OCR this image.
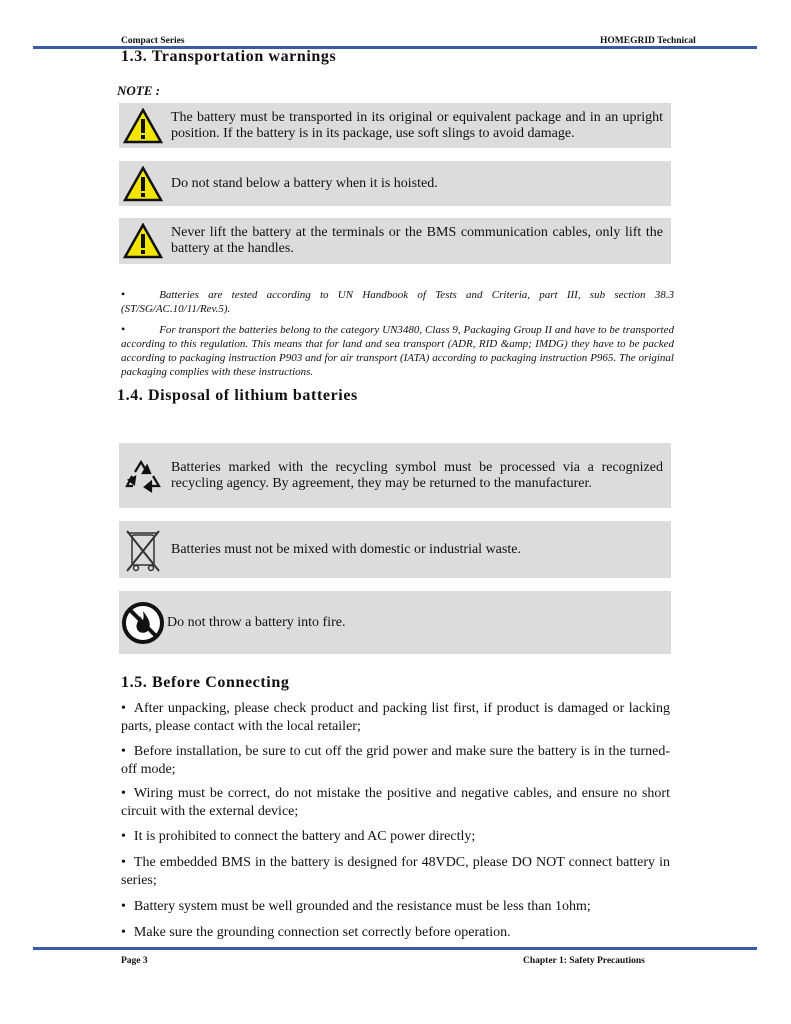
Compact Series	HOMEGRID Technical
1.3. Transportation warnings
NOTE :
The battery must be transported in its original or equivalent package and in an upright position. If the battery is in its package, use soft slings to avoid damage.
Do not stand below a battery when it is hoisted.
Never lift the battery at the terminals or the BMS communication cables, only lift the battery at the handles.
•	Batteries are tested according to UN Handbook of Tests and Criteria, part III, sub section 38.3 (ST/SG/AC.10/11/Rev.5).
•	For transport the batteries belong to the category UN3480, Class 9, Packaging Group II and have to be transported according to this regulation. This means that for land and sea transport (ADR, RID &amp; IMDG) they have to be packed according to packaging instruction P903 and for air transport (IATA) according to packaging instruction P965. The original packaging complies with these instructions.
1.4. Disposal of lithium batteries
Batteries marked with the recycling symbol must be processed via a recognized recycling agency. By agreement, they may be returned to the manufacturer.
Batteries must not be mixed with domestic or industrial waste.
Do not throw a battery into fire.
1.5. Before Connecting
• After unpacking, please check product and packing list first, if product is damaged or lacking parts, please contact with the local retailer;
• Before installation, be sure to cut off the grid power and make sure the battery is in the turned-off mode;
• Wiring must be correct, do not mistake the positive and negative cables, and ensure no short circuit with the external device;
• It is prohibited to connect the battery and AC power directly;
• The embedded BMS in the battery is designed for 48VDC, please DO NOT connect battery in series;
• Battery system must be well grounded and the resistance must be less than 1ohm;
• Make sure the grounding connection set correctly before operation.
Page 3	Chapter 1: Safety Precautions
